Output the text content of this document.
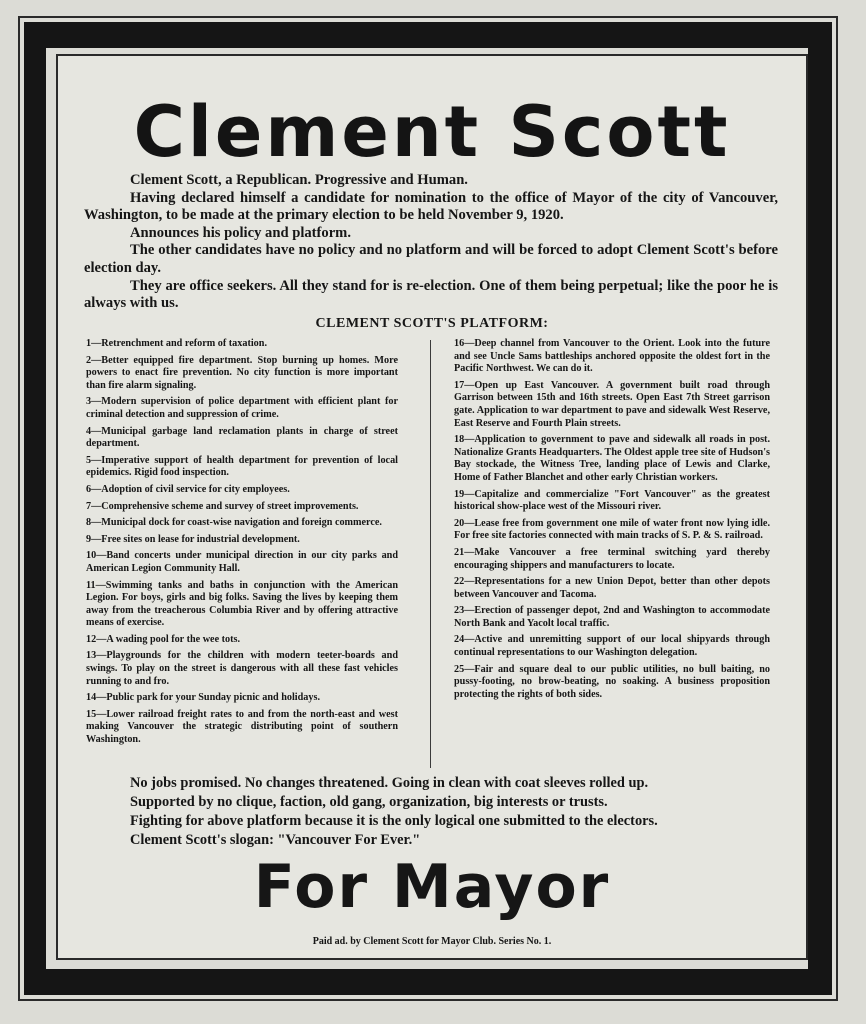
Clement Scott

Clement Scott, a Republican. Progressive and Human.

Having declared himself a candidate for nomination to the office of Mayor of the city of Vancouver, Washington, to be made at the primary election to be held November 9, 1920.

Announces his policy and platform.

The other candidates have no policy and no platform and will be forced to adopt Clement Scott's before election day.

They are office seekers. All they stand for is re-election. One of them being perpetual; like the poor he is always with us.

CLEMENT SCOTT'S PLATFORM:

1—Retrenchment and reform of taxation.

2—Better equipped fire department. Stop burning up homes. More powers to enact fire prevention. No city function is more important than fire alarm signaling.

3—Modern supervision of police department with efficient plant for criminal detection and suppression of crime.

4—Municipal garbage land reclamation plants in charge of street department.

5—Imperative support of health department for prevention of local epidemics. Rigid food inspection.

6—Adoption of civil service for city employees.

7—Comprehensive scheme and survey of street improvements.

8—Municipal dock for coast-wise navigation and foreign commerce.

9—Free sites on lease for industrial development.

10—Band concerts under municipal direction in our city parks and American Legion Community Hall.

11—Swimming tanks and baths in conjunction with the American Legion. For boys, girls and big folks. Saving the lives by keeping them away from the treacherous Columbia River and by offering attractive means of exercise.

12—A wading pool for the wee tots.

13—Playgrounds for the children with modern teeter-boards and swings. To play on the street is dangerous with all these fast vehicles running to and fro.

14—Public park for your Sunday picnic and holidays.

15—Lower railroad freight rates to and from the north-east and west making Vancouver the strategic distributing point of southern Washington.

16—Deep channel from Vancouver to the Orient. Look into the future and see Uncle Sams battleships anchored opposite the oldest fort in the Pacific Northwest. We can do it.

17—Open up East Vancouver. A government built road through Garrison between 15th and 16th streets. Open East 7th Street garrison gate. Application to war department to pave and sidewalk West Reserve, East Reserve and Fourth Plain streets.

18—Application to government to pave and sidewalk all roads in post. Nationalize Grants Headquarters. The Oldest apple tree site of Hudson's Bay stockade, the Witness Tree, landing place of Lewis and Clarke, Home of Father Blanchet and other early Christian workers.

19—Capitalize and commercialize "Fort Vancouver" as the greatest historical show-place west of the Missouri river.

20—Lease free from government one mile of water front now lying idle. For free site factories connected with main tracks of S. P. & S. railroad.

21—Make Vancouver a free terminal switching yard thereby encouraging shippers and manufacturers to locate.

22—Representations for a new Union Depot, better than other depots between Vancouver and Tacoma.

23—Erection of passenger depot, 2nd and Washington to accommodate North Bank and Yacolt local traffic.

24—Active and unremitting support of our local shipyards through continual representations to our Washington delegation.

25—Fair and square deal to our public utilities, no bull baiting, no pussy-footing, no brow-beating, no soaking. A business proposition protecting the rights of both sides.

No jobs promised. No changes threatened. Going in clean with coat sleeves rolled up.

Supported by no clique, faction, old gang, organization, big interests or trusts.

Fighting for above platform because it is the only logical one submitted to the electors.

Clement Scott's slogan: "Vancouver For Ever."

For Mayor
Paid ad. by Clement Scott for Mayor Club. Series No. 1.
